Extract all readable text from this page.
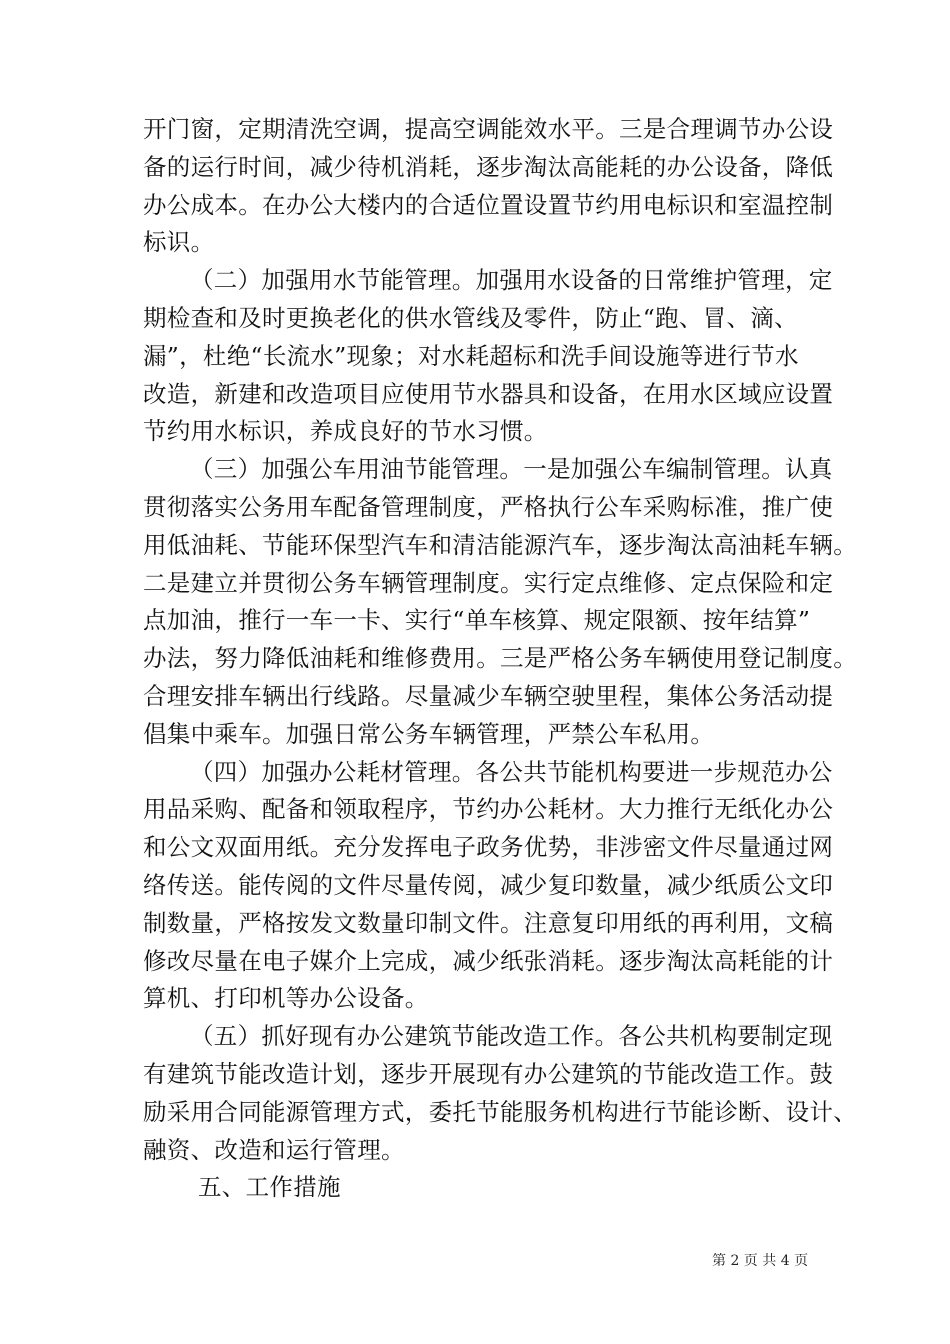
开门窗，定期清洗空调，提高空调能效水平。三是合理调节办公设
备的运行时间，减少待机消耗，逐步淘汰高能耗的办公设备，降低
办公成本。在办公大楼内的合适位置设置节约用电标识和室温控制
标识。
（二）加强用水节能管理。加强用水设备的日常维护管理，定
期检查和及时更换老化的供水管线及零件，防止“跑、冒、滴、
漏”，杜绝“长流水”现象；对水耗超标和洗手间设施等进行节水
改造，新建和改造项目应使用节水器具和设备，在用水区域应设置
节约用水标识，养成良好的节水习惯。
（三）加强公车用油节能管理。一是加强公车编制管理。认真
贯彻落实公务用车配备管理制度，严格执行公车采购标准，推广使
用低油耗、节能环保型汽车和清洁能源汽车，逐步淘汰高油耗车辆。
二是建立并贯彻公务车辆管理制度。实行定点维修、定点保险和定
点加油，推行一车一卡、实行“单车核算、规定限额、按年结算”
办法，努力降低油耗和维修费用。三是严格公务车辆使用登记制度。
合理安排车辆出行线路。尽量减少车辆空驶里程，集体公务活动提
倡集中乘车。加强日常公务车辆管理，严禁公车私用。
（四）加强办公耗材管理。各公共节能机构要进一步规范办公
用品采购、配备和领取程序，节约办公耗材。大力推行无纸化办公
和公文双面用纸。充分发挥电子政务优势，非涉密文件尽量通过网
络传送。能传阅的文件尽量传阅，减少复印数量，减少纸质公文印
制数量，严格按发文数量印制文件。注意复印用纸的再利用，文稿
修改尽量在电子媒介上完成，减少纸张消耗。逐步淘汰高耗能的计
算机、打印机等办公设备。
（五）抓好现有办公建筑节能改造工作。各公共机构要制定现
有建筑节能改造计划，逐步开展现有办公建筑的节能改造工作。鼓
励采用合同能源管理方式，委托节能服务机构进行节能诊断、设计、
融资、改造和运行管理。
五、工作措施
第 2 页 共 4 页
